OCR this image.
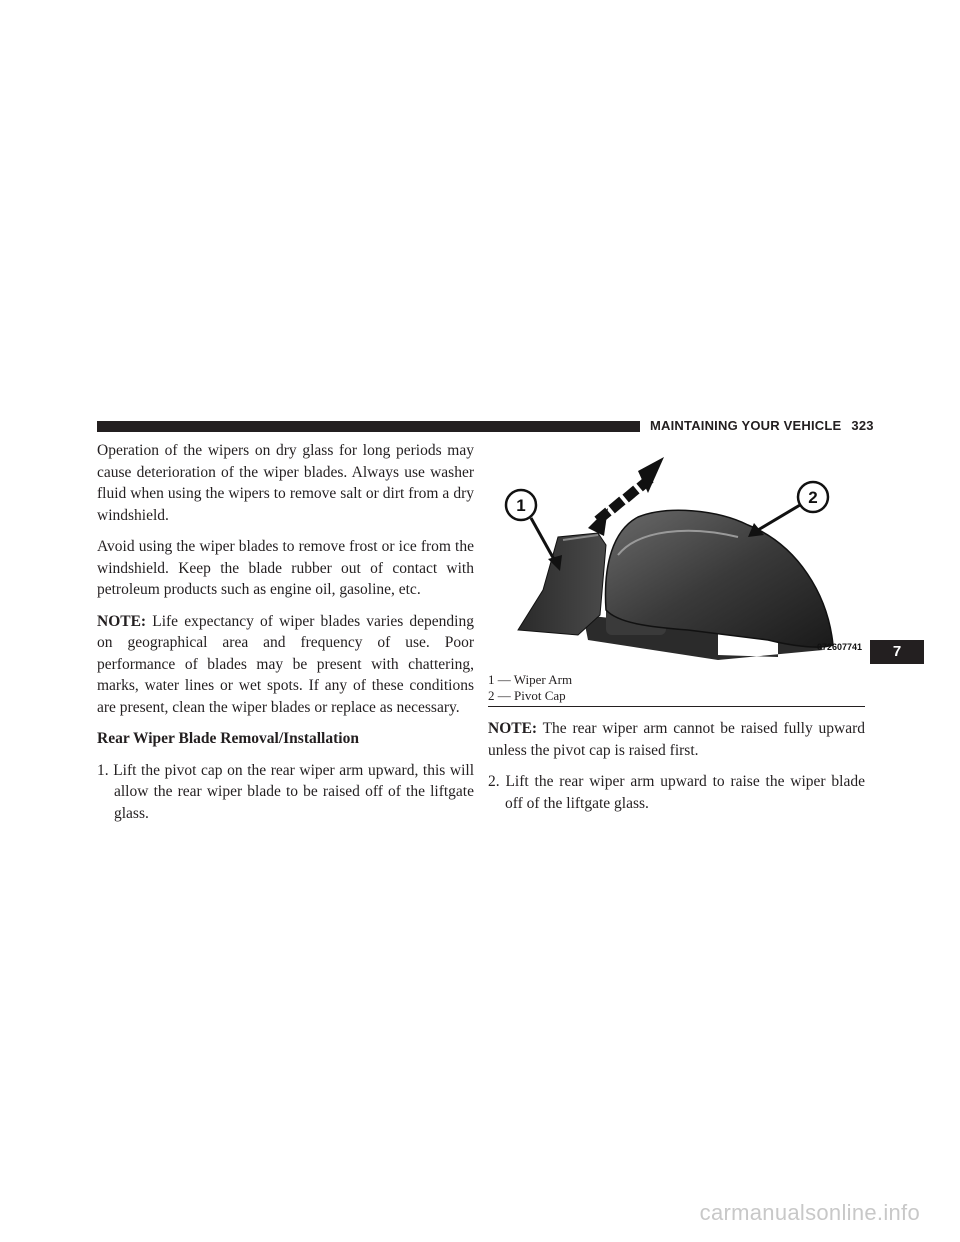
MAINTAINING YOUR VEHICLE 323

Operation of the wipers on dry glass for long periods may cause deterioration of the wiper blades. Always use washer fluid when using the wipers to remove salt or dirt from a dry windshield.

Avoid using the wiper blades to remove frost or ice from the windshield. Keep the blade rubber out of contact with petroleum products such as engine oil, gasoline, etc.

NOTE: Life expectancy of wiper blades varies depending on geographical area and frequency of use. Poor performance of blades may be present with chattering, marks, water lines or wet spots. If any of these conditions are present, clean the wiper blades or replace as necessary.

Rear Wiper Blade Removal/Installation

1. Lift the pivot cap on the rear wiper arm upward, this will allow the rear wiper blade to be raised off of the liftgate glass.

1	2
072607741
1 — Wiper Arm
2 — Pivot Cap

NOTE: The rear wiper arm cannot be raised fully upward unless the pivot cap is raised first.

2. Lift the rear wiper arm upward to raise the wiper blade off of the liftgate glass.

7
carmanualsonline.info
